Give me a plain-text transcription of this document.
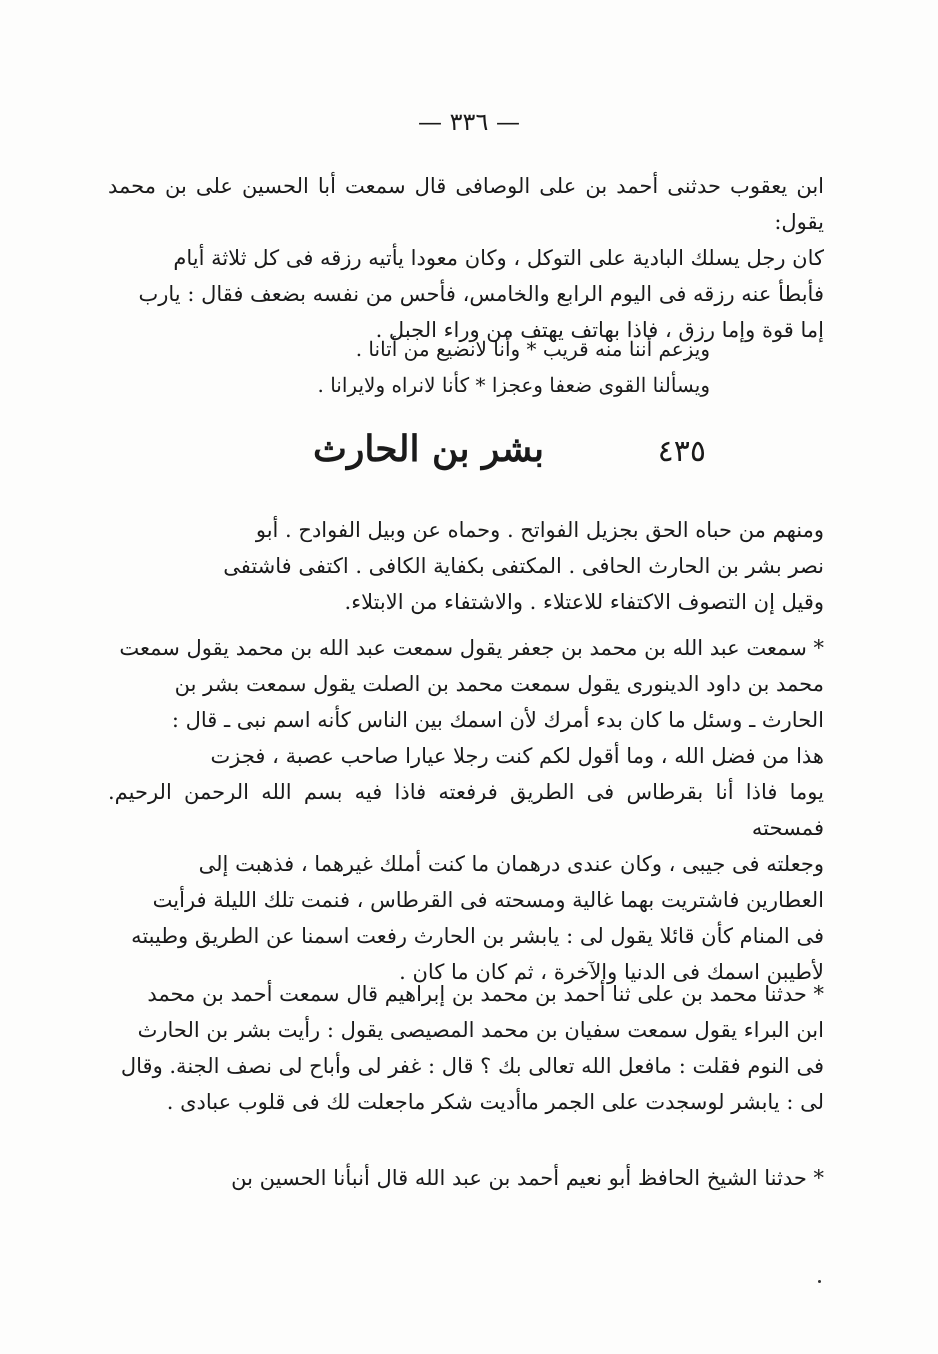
— ٣٣٦ —

ابن يعقوب حدثنى أحمد بن على الوصافى قال سمعت أبا الحسين على بن محمد يقول:

كان رجل يسلك البادية على التوكل ، وكان معودا يأتيه رزقه فى كل ثلاثة أيام

فأبطأ عنه رزقه فى اليوم الرابع والخامس، فأحس من نفسه بضعف فقال : يارب

إما قوة وإما رزق ، فاذا بهاتف يهتف من وراء الجبل .

ويزعم أننا منه قريب * وأنا لانضيع من أتانا .
ويسألنا القوى ضعفا وعجزا * كأنا لانراه ولايرانا .
٤٣٥
بشر بن الحارث

ومنهم من حباه الحق بجزيل الفواتح . وحماه عن وبيل الفوادح . أبو

نصر بشر بن الحارث الحافى . المكتفى بكفاية الكافى . اكتفى فاشتفى

وقيل إن التصوف الاكتفاء للاعتلاء . والاشتفاء من الابتلاء.

* سمعت عبد الله بن محمد بن جعفر يقول سمعت عبد الله بن محمد يقول سمعت

محمد بن داود الدينورى يقول سمعت محمد بن الصلت يقول سمعت بشر بن

الحارث ـ وسئل ما كان بدء أمرك لأن اسمك بين الناس كأنه اسم نبى ـ قال :

هذا من فضل الله ، وما أقول لكم كنت رجلا عيارا صاحب عصبة ، فجزت

يوما فاذا أنا بقرطاس فى الطريق فرفعته فاذا فيه بسم الله الرحمن الرحيم. فمسحته

وجعلته فى جيبى ، وكان عندى درهمان ما كنت أملك غيرهما ، فذهبت إلى

العطارين فاشتريت بهما غالية ومسحته فى القرطاس ، فنمت تلك الليلة فرأيت

فى المنام كأن قائلا يقول لى : يابشر بن الحارث رفعت اسمنا عن الطريق وطيبته

لأطيبن اسمك فى الدنيا والآخرة ، ثم كان ما كان .

* حدثنا محمد بن على ثنا أحمد بن محمد بن إبراهيم قال سمعت أحمد بن محمد

ابن البراء يقول سمعت سفيان بن محمد المصيصى يقول : رأيت بشر بن الحارث

فى النوم فقلت : مافعل الله تعالى بك ؟ قال : غفر لى وأباح لى نصف الجنة. وقال

لى : يابشر لوسجدت على الجمر ماأديت شكر ماجعلت لك فى قلوب عبادى .

* حدثنا الشيخ الحافظ أبو نعيم أحمد بن عبد الله قال أنبأنا الحسين بن
